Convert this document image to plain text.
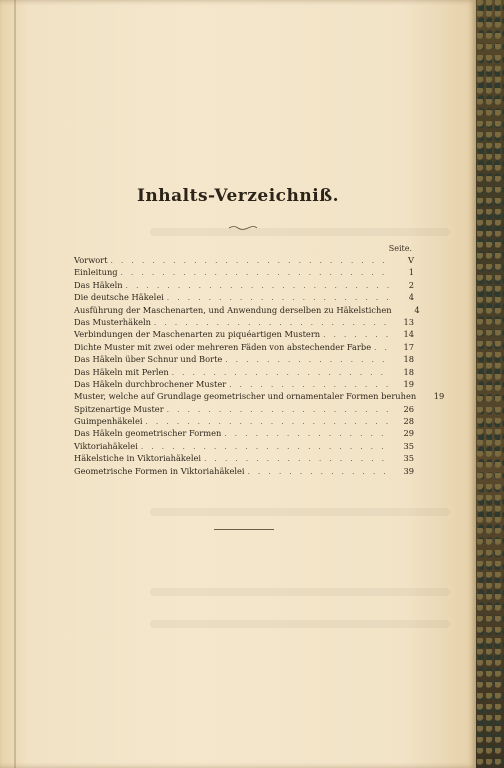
Inhalts-Verzeichniß.
Seite.
Vorwort . . .	V
Einleitung . . .	1
Das Häkeln . . .	2
Die deutsche Häkelei . . .	4
Ausführung der Maschenarten, und Anwendung derselben zu Häkelstichen	4
Das Musterhäkeln . . .	13
Verbindungen der Maschenarten zu piquéartigen Mustern . . .	14
Dichte Muster mit zwei oder mehreren Fäden von abstechender Farbe . . .	17
Das Häkeln über Schnur und Borte . . .	18
Das Häkeln mit Perlen . . .	18
Das Häkeln durchbrochener Muster . . .	19
Muster, welche auf Grundlage geometrischer und ornamentaler Formen beruhen	19
Spitzenartige Muster . . .	26
Guimpenhäkelei . . .	28
Das Häkeln geometrischer Formen . . .	29
Viktoriahäkelei . . .	35
Häkelstiche in Viktoriahäkelei . . .	35
Geometrische Formen in Viktoriahäkelei . . .	39
